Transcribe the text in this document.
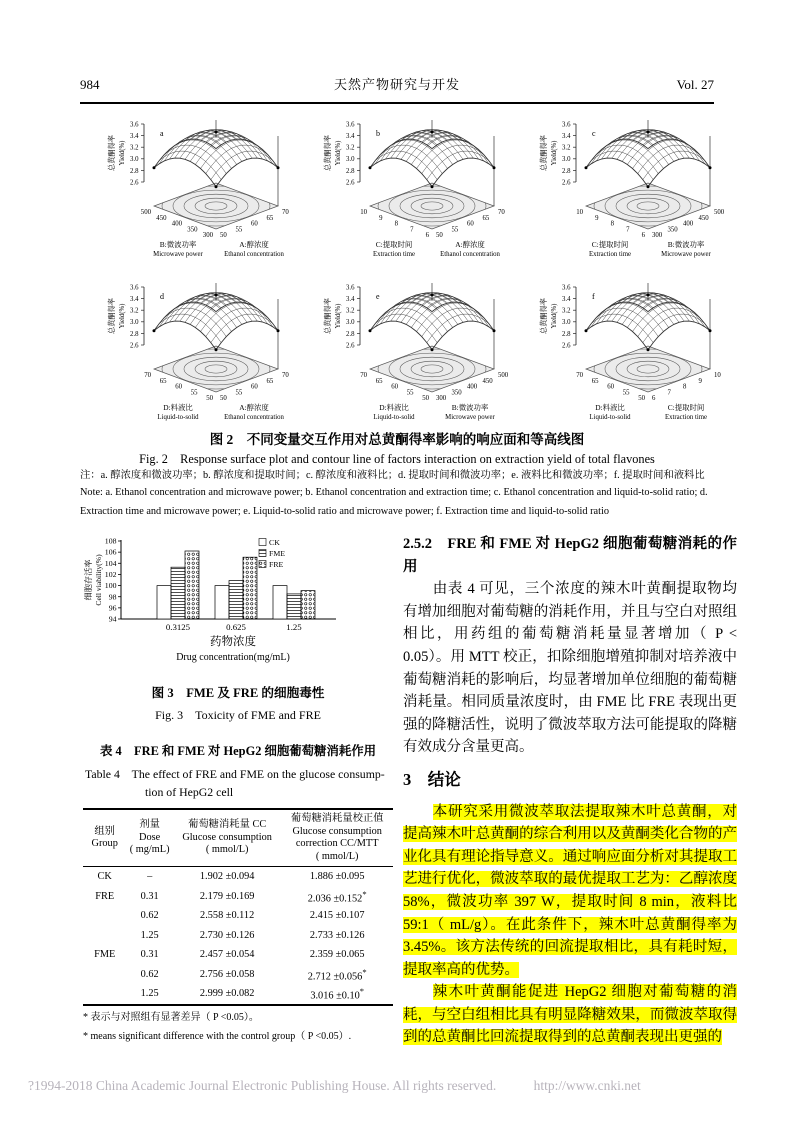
984	天然产物研究与开发	Vol. 27
3.6
3.4
3.2
3.0
2.8
2.6
总黄酮得率 Yield(%)
a
500
450
400
350
300 50
55
60
65
70
B:微波功率
Microwave power
A:醇浓度
Ethanol concentration
3.6
3.4
3.2
3.0
2.8
2.6
总黄酮得率 Yield(%)
b
10
9
8
7
6 50
55
60
65
70
C:提取时间
Extraction time
A:醇浓度
Ethanol concentration
3.6
3.4
3.2
3.0
2.8
2.6
总黄酮得率 Yield(%)
c
10
9
8
7
6 300
350
400
450
500
C:提取时间
Extraction time
B:微波功率
Microwave power
3.6
3.4
3.2
3.0
2.8
2.6
总黄酮得率 Yield(%)
d
70
65
60
55
50 50
55
60
65
70
D:料液比
Liquid-to-solid
A:醇浓度
Ethanol concentration
3.6
3.4
3.2
3.0
2.8
2.6
总黄酮得率 Yield(%)
e
70
65
60
55
50 300
350
400
450
500
D:料液比
Liquid-to-solid
B:微波功率
Microwave power
3.6
3.4
3.2
3.0
2.8
2.6
总黄酮得率 Yield(%)
f
70
65
60
55
50 6
7
8
9
10
D:料液比
Liquid-to-solid
C:提取时间
Extraction time
图 2　不同变量交互作用对总黄酮得率影响的响应面和等高线图
Fig. 2　Response surface plot and contour line of factors interaction on extraction yield of total flavones
注：a. 醇浓度和微波功率；b. 醇浓度和提取时间；c. 醇浓度和液料比；d. 提取时间和微波功率；e. 液料比和微波功率；f. 提取时间和液料比
Note: a. Ethanol concentration and microwave power; b. Ethanol concentration and extraction time; c. Ethanol concentration and liquid-to-solid ratio; d. Extraction time and microwave power; e. Liquid-to-solid ratio and microwave power; f. Extraction time and liquid-to-solid ratio
94
96
98
100
102
104
106
108
细胞存活率 Cell viability(%)
0.3125	0.625	1.25
CK
FME
FRE
药物浓度
Drug concentration(mg/mL)
图 3　FME 及 FRE 的细胞毒性
Fig. 3　Toxicity of FME and FRE
表 4　FRE 和 FME 对 HepG2 细胞葡萄糖消耗作用
Table 4　The effect of FRE and FME on the glucose consump-
tion of HepG2 cell
组别
Group

剂量
Dose
( mg/mL)

葡萄糖消耗量 CC
Glucose consumption
( mmol/L)

葡萄糖消耗量校正值
Glucose consumption
correction CC/MTT
( mmol/L)

CK	–	1.902 ±0.094	1.886 ±0.095
FRE	0.31	2.179 ±0.169	2.036 ±0.152*
	0.62	2.558 ±0.112	2.415 ±0.107
	1.25	2.730 ±0.126	2.733 ±0.126
FME	0.31	2.457 ±0.054	2.359 ±0.065
	0.62	2.756 ±0.058	2.712 ±0.056*
	1.25	2.999 ±0.082	3.016 ±0.10*
* 表示与对照组有显著差异（ P <0.05）。
* means significant difference with the control group（ P <0.05）.
2.5.2　FRE 和 FME 对 HepG2 细胞葡萄糖消耗的作用

由表 4 可见，三个浓度的辣木叶黄酮提取物均有增加细胞对葡萄糖的消耗作用，并且与空白对照组相比，用药组的葡萄糖消耗量显著增加（ P < 0.05）。用 MTT 校正，扣除细胞增殖抑制对培养液中葡萄糖消耗的影响后，均显著增加单位细胞的葡萄糖消耗量。相同质量浓度时，由 FME 比 FRE 表现出更强的降糖活性，说明了微波萃取方法可能提取的降糖有效成分含量更高。

3　结论

本研究采用微波萃取法提取辣木叶总黄酮，对提高辣木叶总黄酮的综合利用以及黄酮类化合物的产业化具有理论指导意义。通过响应面分析对其提取工艺进行优化，微波萃取的最优提取工艺为：乙醇浓度 58%，微波功率 397 W，提取时间 8 min，液料比 59:1（ mL/g）。在此条件下，辣木叶总黄酮得率为 3.45%。该方法传统的回流提取相比，具有耗时短，提取率高的优势。

辣木叶黄酮能促进 HepG2 细胞对葡萄糖的消耗，与空白组相比具有明显降糖效果，而微波萃取得到的总黄酮比回流提取得到的总黄酮表现出更强的

?1994-2018 China Academic Journal Electronic Publishing House. All rights reserved.	http://www.cnki.net
